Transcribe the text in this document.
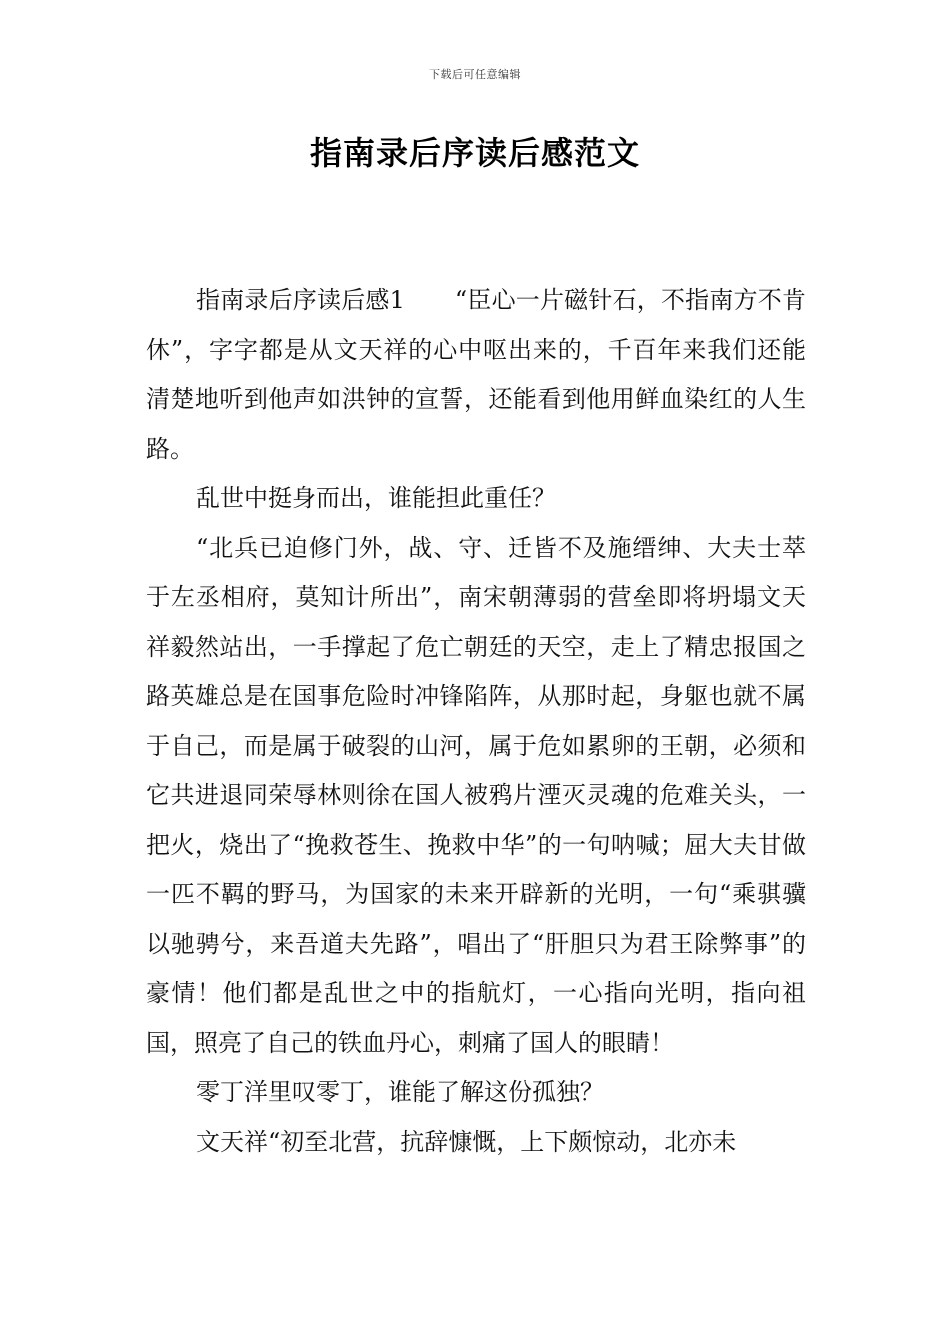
下载后可任意编辑
指南录后序读后感范文

指南录后序读后感1 “臣心一片磁针石，不指南方不肯休”，字字都是从文天祥的心中呕出来的，千百年来我们还能清楚地听到他声如洪钟的宣誓，还能看到他用鲜血染红的人生路。

乱世中挺身而出，谁能担此重任？

“北兵已迫修门外，战、守、迁皆不及施缙绅、大夫士萃于左丞相府，莫知计所出”，南宋朝薄弱的营垒即将坍塌文天祥毅然站出，一手撑起了危亡朝廷的天空，走上了精忠报国之路英雄总是在国事危险时冲锋陷阵，从那时起，身躯也就不属于自己，而是属于破裂的山河，属于危如累卵的王朝，必须和它共进退同荣辱林则徐在国人被鸦片湮灭灵魂的危难关头，一把火，烧出了“挽救苍生、挽救中华”的一句呐喊；屈大夫甘做一匹不羁的野马，为国家的未来开辟新的光明，一句“乘骐骥以驰骋兮，来吾道夫先路”，唱出了“肝胆只为君王除弊事”的豪情！他们都是乱世之中的指航灯，一心指向光明，指向祖国，照亮了自己的铁血丹心，刺痛了国人的眼睛！

零丁洋里叹零丁，谁能了解这份孤独？

文天祥“初至北营，抗辞慷慨，上下颇惊动，北亦未
